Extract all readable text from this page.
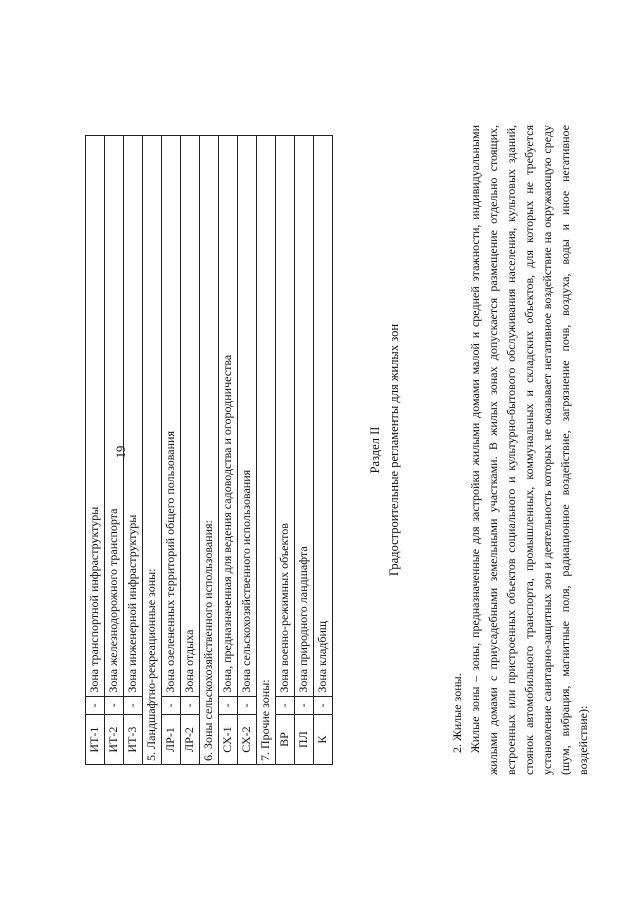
19
ИТ-1	-	Зона транспортной инфраструктуры
ИТ-2	-	Зона железнодорожного транспорта
ИТ-3	-	Зона инженерной инфраструктуры
5. Ландшафтно-рекреационные зоны:		
ЛР-1	-	Зона озелененных территорий общего пользования
ЛР-2	-	Зона отдыха
6. Зоны сельскохозяйственного использования:		
СХ-1	-	Зона, предназначенная для ведения садоводства и огородничества
СХ-2	-	Зона сельскохозяйственного использования
7. Прочие зоны:		
ВР	-	Зона военно-режимных объектов
ПЛ	-	Зона природного ландшафта
К	-	Зона кладбищ
Раздел II Градостроительные регламенты для жилых зон
2. Жилые зоны. Жилые зоны – зоны, предназначенные для застройки жилыми домами малой и средней этажности, индивидуальными жилыми домами с приусадебными земельными участками. В жилых зонах допускается размещение отдельно стоящих, встроенных или пристроенных объектов социального и культурно-бытового обслуживания населения, культовых зданий, стоянок автомобильного транспорта, промышленных, коммунальных и складских объектов, для которых не требуется установление санитарно-защитных зон и деятельность которых не оказывает негативное воздействие на окружающую среду (шум, вибрация, магнитные поля, радиационное воздействие, загрязнение почв, воздуха, воды и иное негативное воздействие):
